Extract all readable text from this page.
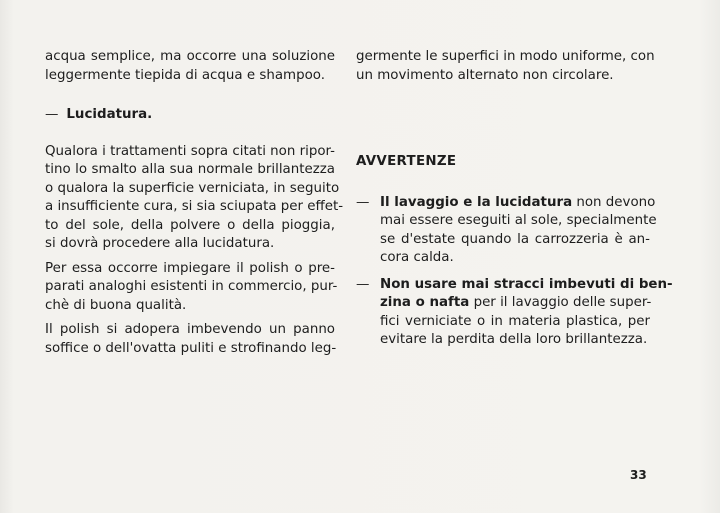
acqua semplice, ma occorre una soluzione
leggermente tiepida di acqua e shampoo.
— Lucidatura.
Qualora i trattamenti sopra citati non ripor-
tino lo smalto alla sua normale brillantezza
o qualora la superficie verniciata, in seguito
a insufficiente cura, si sia sciupata per effet-
to del sole, della polvere o della pioggia,
si dovrà procedere alla lucidatura.
Per essa occorre impiegare il polish o pre-
parati analoghi esistenti in commercio, pur-
chè di buona qualità.
Il polish si adopera imbevendo un panno
soffice o dell'ovatta puliti e strofinando leg-
germente le superfici in modo uniforme, con
un movimento alternato non circolare.
AVVERTENZE
— Il lavaggio e la lucidatura non devono
mai essere eseguiti al sole, specialmente
se d'estate quando la carrozzeria è an-
cora calda.
— Non usare mai stracci imbevuti di ben-
zina o nafta per il lavaggio delle super-
fici verniciate o in materia plastica, per
evitare la perdita della loro brillantezza.
33
